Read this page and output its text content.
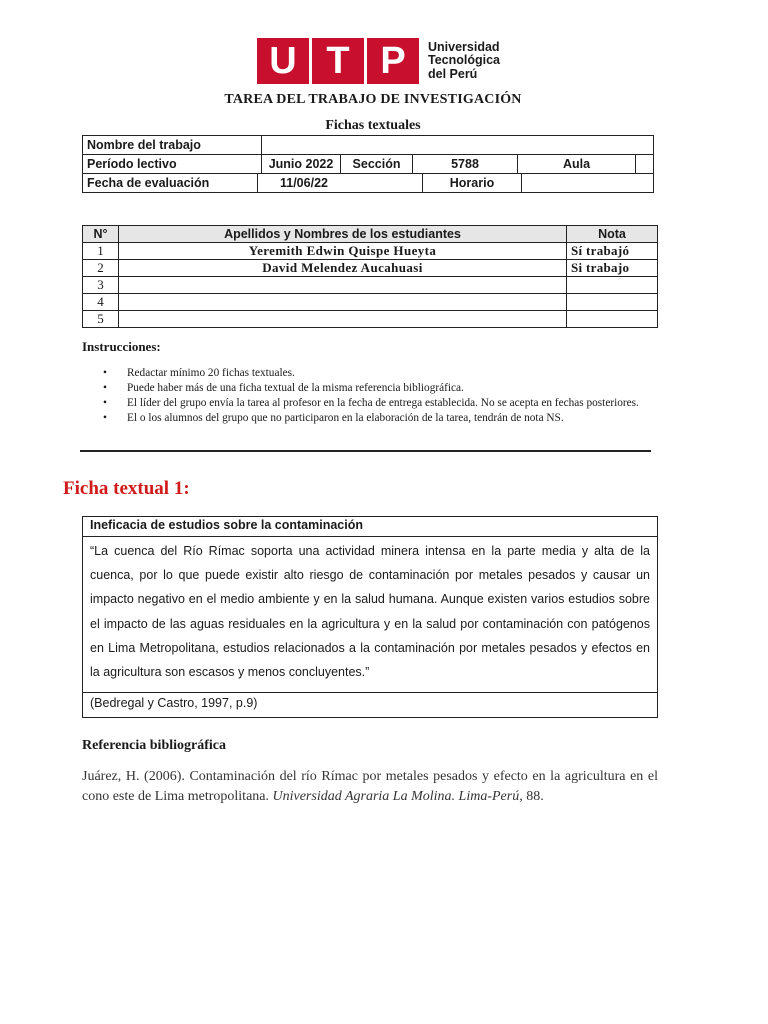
U T P	Universidad
Tecnológica
del Perú
TAREA DEL TRABAJO DE INVESTIGACIÓN
Fichas textuales
Nombre del trabajo					
Período lectivo	Junio 2022	Sección	5788	Aula	
Fecha de evaluación	11/06/22	Horario	
N°	Apellidos y Nombres de los estudiantes	Nota
1	Yeremith Edwin Quispe Hueyta	Sí trabajó
2	David Melendez Aucahuasi	Si trabajo
3		
4		
5		
Instrucciones:
• Redactar mínimo 20 fichas textuales.
• Puede haber más de una ficha textual de la misma referencia bibliográfica.
• El líder del grupo envía la tarea al profesor en la fecha de entrega establecida. No se acepta en fechas posteriores.
• El o los alumnos del grupo que no participaron en la elaboración de la tarea, tendrán de nota NS.
Ficha textual 1:
Ineficacia de estudios sobre la contaminación
“La cuenca del Río Rímac soporta una actividad minera intensa en la parte media y alta de la cuenca, por lo que puede existir alto riesgo de contaminación por metales pesados y causar un impacto negativo en el medio ambiente y en la salud humana. Aunque existen varios estudios sobre el impacto de las aguas residuales en la agricultura y en la salud por contaminación con patógenos en Lima Metropolitana, estudios relacionados a la contaminación por metales pesados y efectos en la agricultura son escasos y menos concluyentes.”
(Bedregal y Castro, 1997, p.9)
Referencia bibliográfica
Juárez, H. (2006). Contaminación del río Rímac por metales pesados y efecto en la agricultura en el cono este de Lima metropolitana. Universidad Agraria La Molina. Lima-Perú, 88.
